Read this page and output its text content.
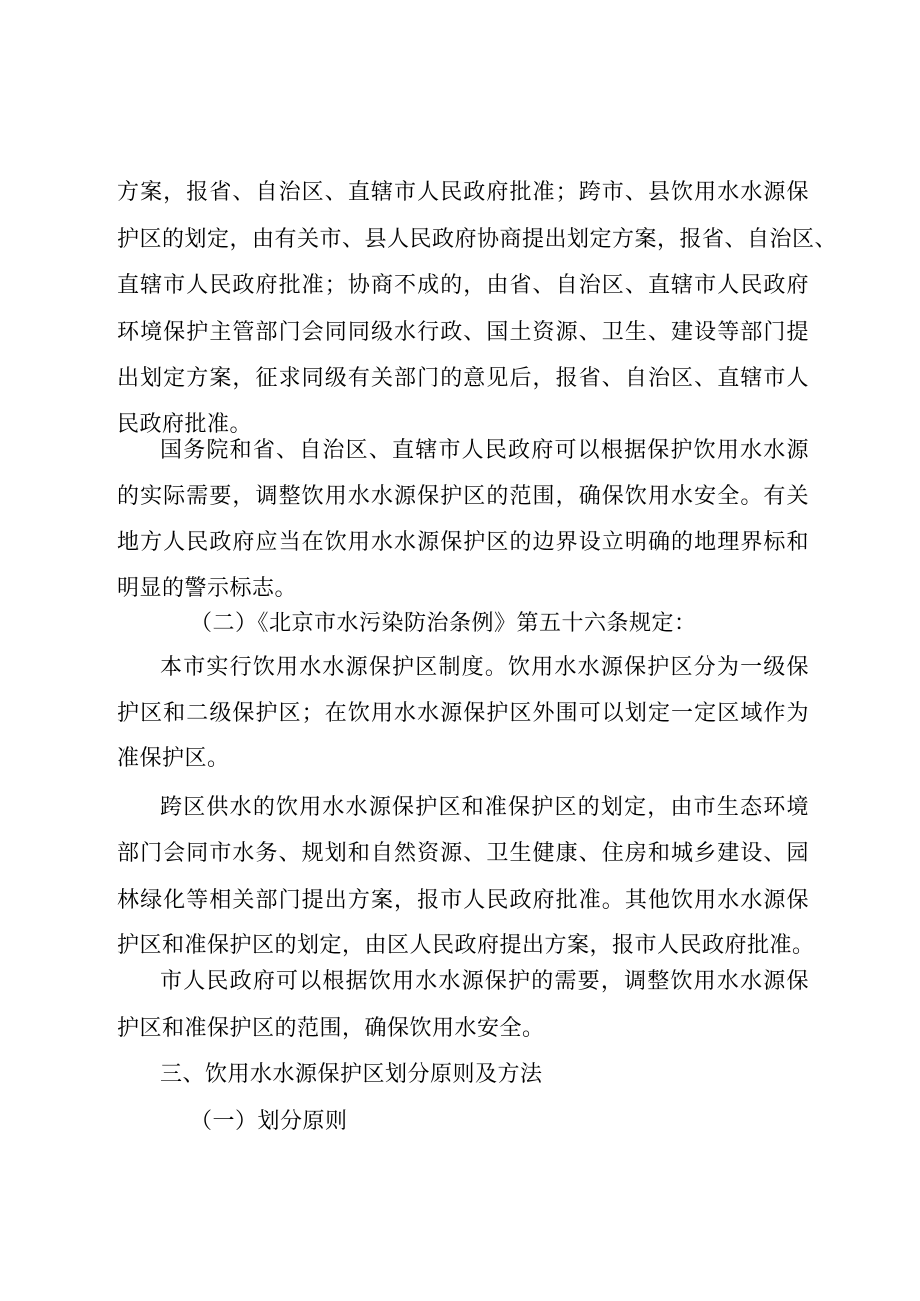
方案，报省、自治区、直辖市人民政府批准；跨市、县饮用水水源保
护区的划定，由有关市、县人民政府协商提出划定方案，报省、自治区、
直辖市人民政府批准；协商不成的，由省、自治区、直辖市人民政府
环境保护主管部门会同同级水行政、国土资源、卫生、建设等部门提
出划定方案，征求同级有关部门的意见后，报省、自治区、直辖市人
民政府批准。
国务院和省、自治区、直辖市人民政府可以根据保护饮用水水源
的实际需要，调整饮用水水源保护区的范围，确保饮用水安全。有关
地方人民政府应当在饮用水水源保护区的边界设立明确的地理界标和
明显的警示标志。
（二）《北京市水污染防治条例》第五十六条规定：
本市实行饮用水水源保护区制度。饮用水水源保护区分为一级保
护区和二级保护区；在饮用水水源保护区外围可以划定一定区域作为
准保护区。
跨区供水的饮用水水源保护区和准保护区的划定，由市生态环境
部门会同市水务、规划和自然资源、卫生健康、住房和城乡建设、园
林绿化等相关部门提出方案，报市人民政府批准。其他饮用水水源保
护区和准保护区的划定，由区人民政府提出方案，报市人民政府批准。
市人民政府可以根据饮用水水源保护的需要，调整饮用水水源保
护区和准保护区的范围，确保饮用水安全。
三、饮用水水源保护区划分原则及方法
（一）划分原则
